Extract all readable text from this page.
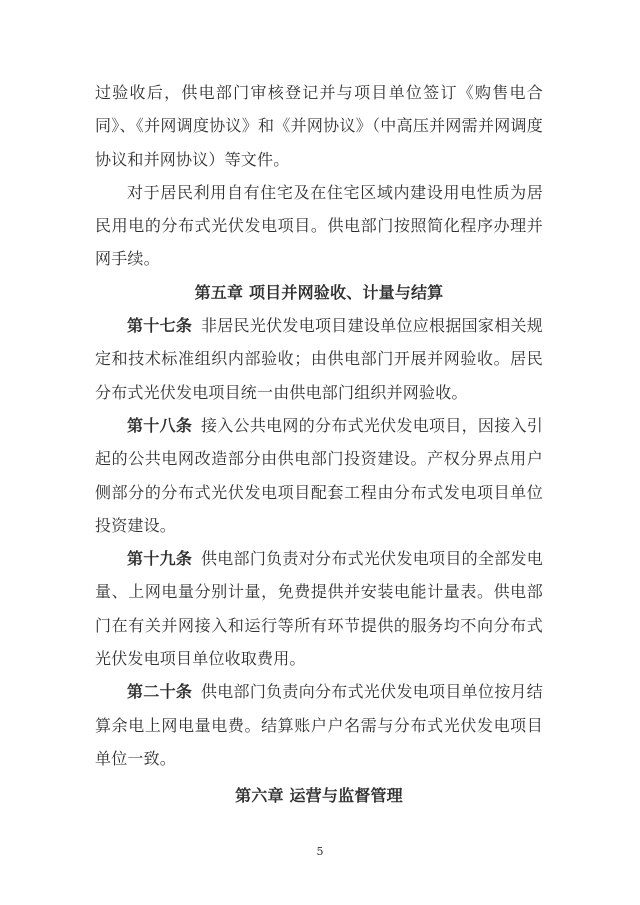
过验收后，供电部门审核登记并与项目单位签订《购售电合同》、《并网调度协议》和《并网协议》（中高压并网需并网调度协议和并网协议）等文件。

对于居民利用自有住宅及在住宅区域内建设用电性质为居民用电的分布式光伏发电项目。供电部门按照简化程序办理并网手续。

第五章 项目并网验收、计量与结算

第十七条 非居民光伏发电项目建设单位应根据国家相关规定和技术标准组织内部验收；由供电部门开展并网验收。居民分布式光伏发电项目统一由供电部门组织并网验收。

第十八条 接入公共电网的分布式光伏发电项目，因接入引起的公共电网改造部分由供电部门投资建设。产权分界点用户侧部分的分布式光伏发电项目配套工程由分布式发电项目单位投资建设。

第十九条 供电部门负责对分布式光伏发电项目的全部发电量、上网电量分别计量，免费提供并安装电能计量表。供电部门在有关并网接入和运行等所有环节提供的服务均不向分布式光伏发电项目单位收取费用。

第二十条 供电部门负责向分布式光伏发电项目单位按月结算余电上网电量电费。结算账户户名需与分布式光伏发电项目单位一致。

第六章 运营与监督管理
5
